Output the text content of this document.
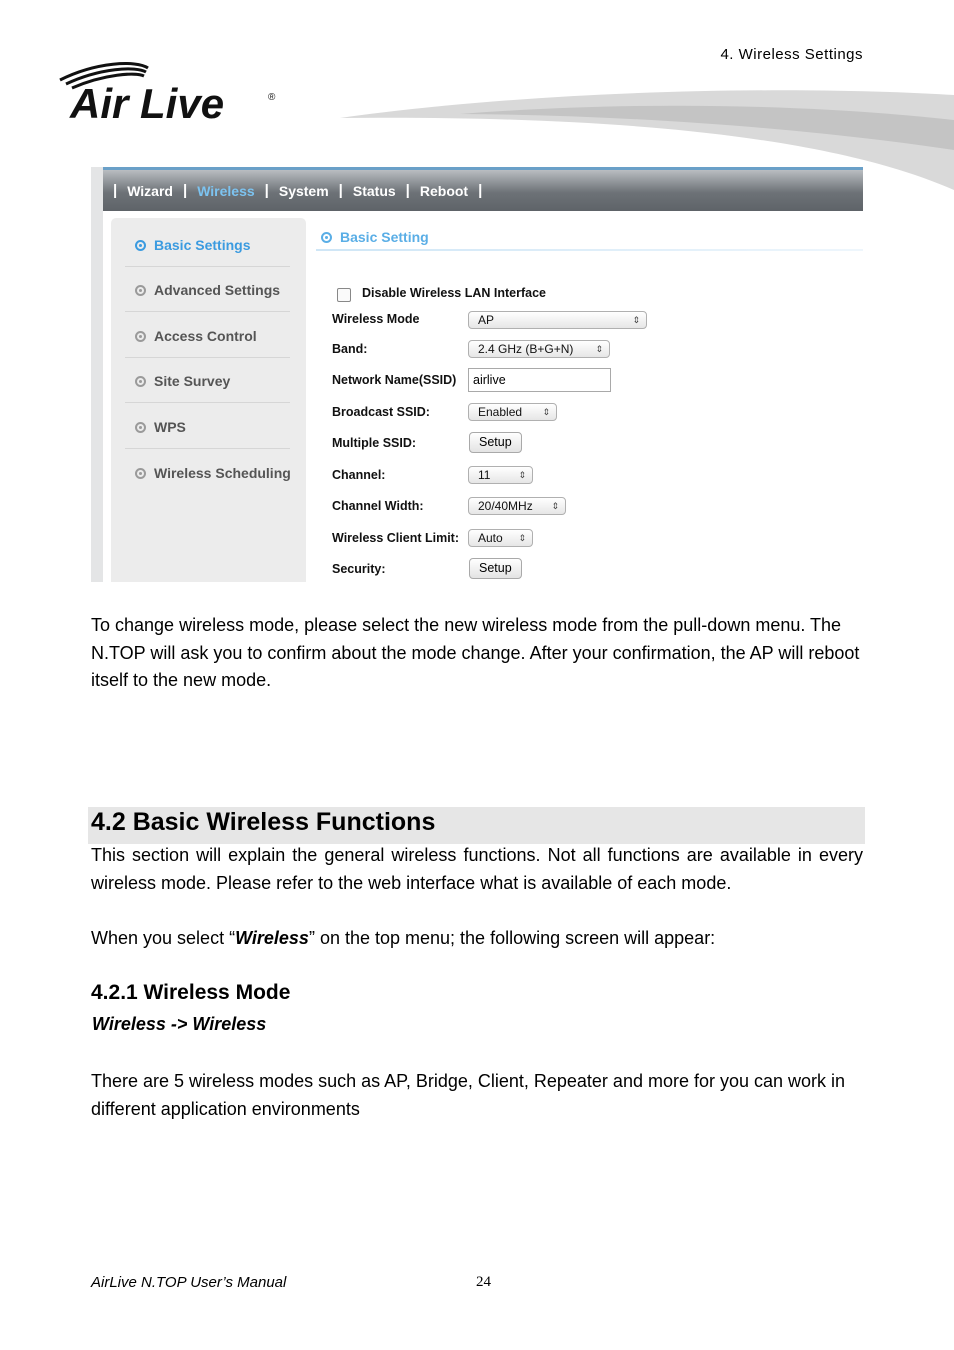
4. Wireless Settings
Air Live	®
| Wizard | Wireless | System | Status | Reboot |
Basic Settings
Advanced Settings
Access Control
Site Survey
WPS
Wireless Scheduling
Basic Setting
Disable Wireless LAN Interface
Wireless Mode	AP	⇕
Band:	2.4 GHz (B+G+N) ⇕
Network Name(SSID)	airlive
Broadcast SSID:	Enabled ⇕
Multiple SSID:	Setup
Channel:	11	⇕
Channel Width:	20/40MHz ⇕
Wireless Client Limit:	Auto ⇕
Security:	Setup
To change wireless mode, please select the new wireless mode from the pull-down menu. The N.TOP will ask you to confirm about the mode change. After your confirmation, the AP will reboot itself to the new mode.
4.2 Basic Wireless Functions
This section will explain the general wireless functions. Not all functions are available in every wireless mode. Please refer to the web interface what is available of each mode.
When you select “Wireless” on the top menu; the following screen will appear:
4.2.1 Wireless Mode
Wireless -> Wireless
There are 5 wireless modes such as AP, Bridge, Client, Repeater and more for you can work in different application environments
AirLive N.TOP User’s Manual	24
